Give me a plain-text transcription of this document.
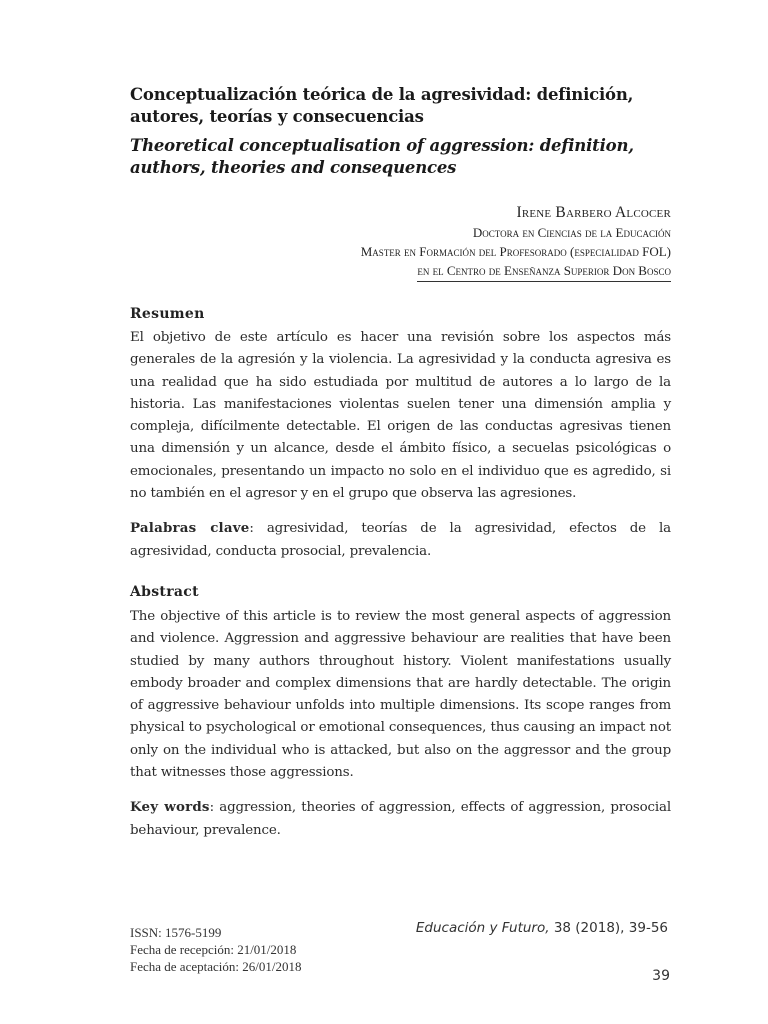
Conceptualización teórica de la agresividad: definición, autores, teorías y consecuencias
Theoretical conceptualisation of aggression: definition, authors, theories and consequences
Irene Barbero Alcocer
Doctora en Ciencias de la Educación
Master en Formación del Profesorado (especialidad FOL)
en el Centro de Enseñanza Superior Don Bosco
Resumen

El objetivo de este artículo es hacer una revisión sobre los aspectos más generales de la agresión y la violencia. La agresividad y la conducta agresiva es una realidad que ha sido estudiada por multitud de autores a lo largo de la historia. Las manifestaciones violentas suelen tener una dimensión amplia y compleja, difícilmente detectable. El origen de las conductas agresivas tienen una dimensión y un alcance, desde el ámbito físico, a secuelas psicológicas o emocionales, presentando un impacto no solo en el individuo que es agredido, si no también en el agresor y en el grupo que observa las agresiones.

Palabras clave: agresividad, teorías de la agresividad, efectos de la agresividad, conducta prosocial, prevalencia.

Abstract

The objective of this article is to review the most general aspects of aggression and violence. Aggression and aggressive behaviour are realities that have been studied by many authors throughout history. Violent manifestations usually embody broader and complex dimensions that are hardly detectable. The origin of aggressive behaviour unfolds into multiple dimensions. Its scope ranges from physical to psychological or emotional consequences, thus causing an impact not only on the individual who is attacked, but also on the aggressor and the group that witnesses those aggressions.

Key words: aggression, theories of aggression, effects of aggression, prosocial behaviour, prevalence.

ISSN: 1576-5199
Fecha de recepción: 21/01/2018
Fecha de aceptación: 26/01/2018
Educación y Futuro, 38 (2018), 39-56
39
